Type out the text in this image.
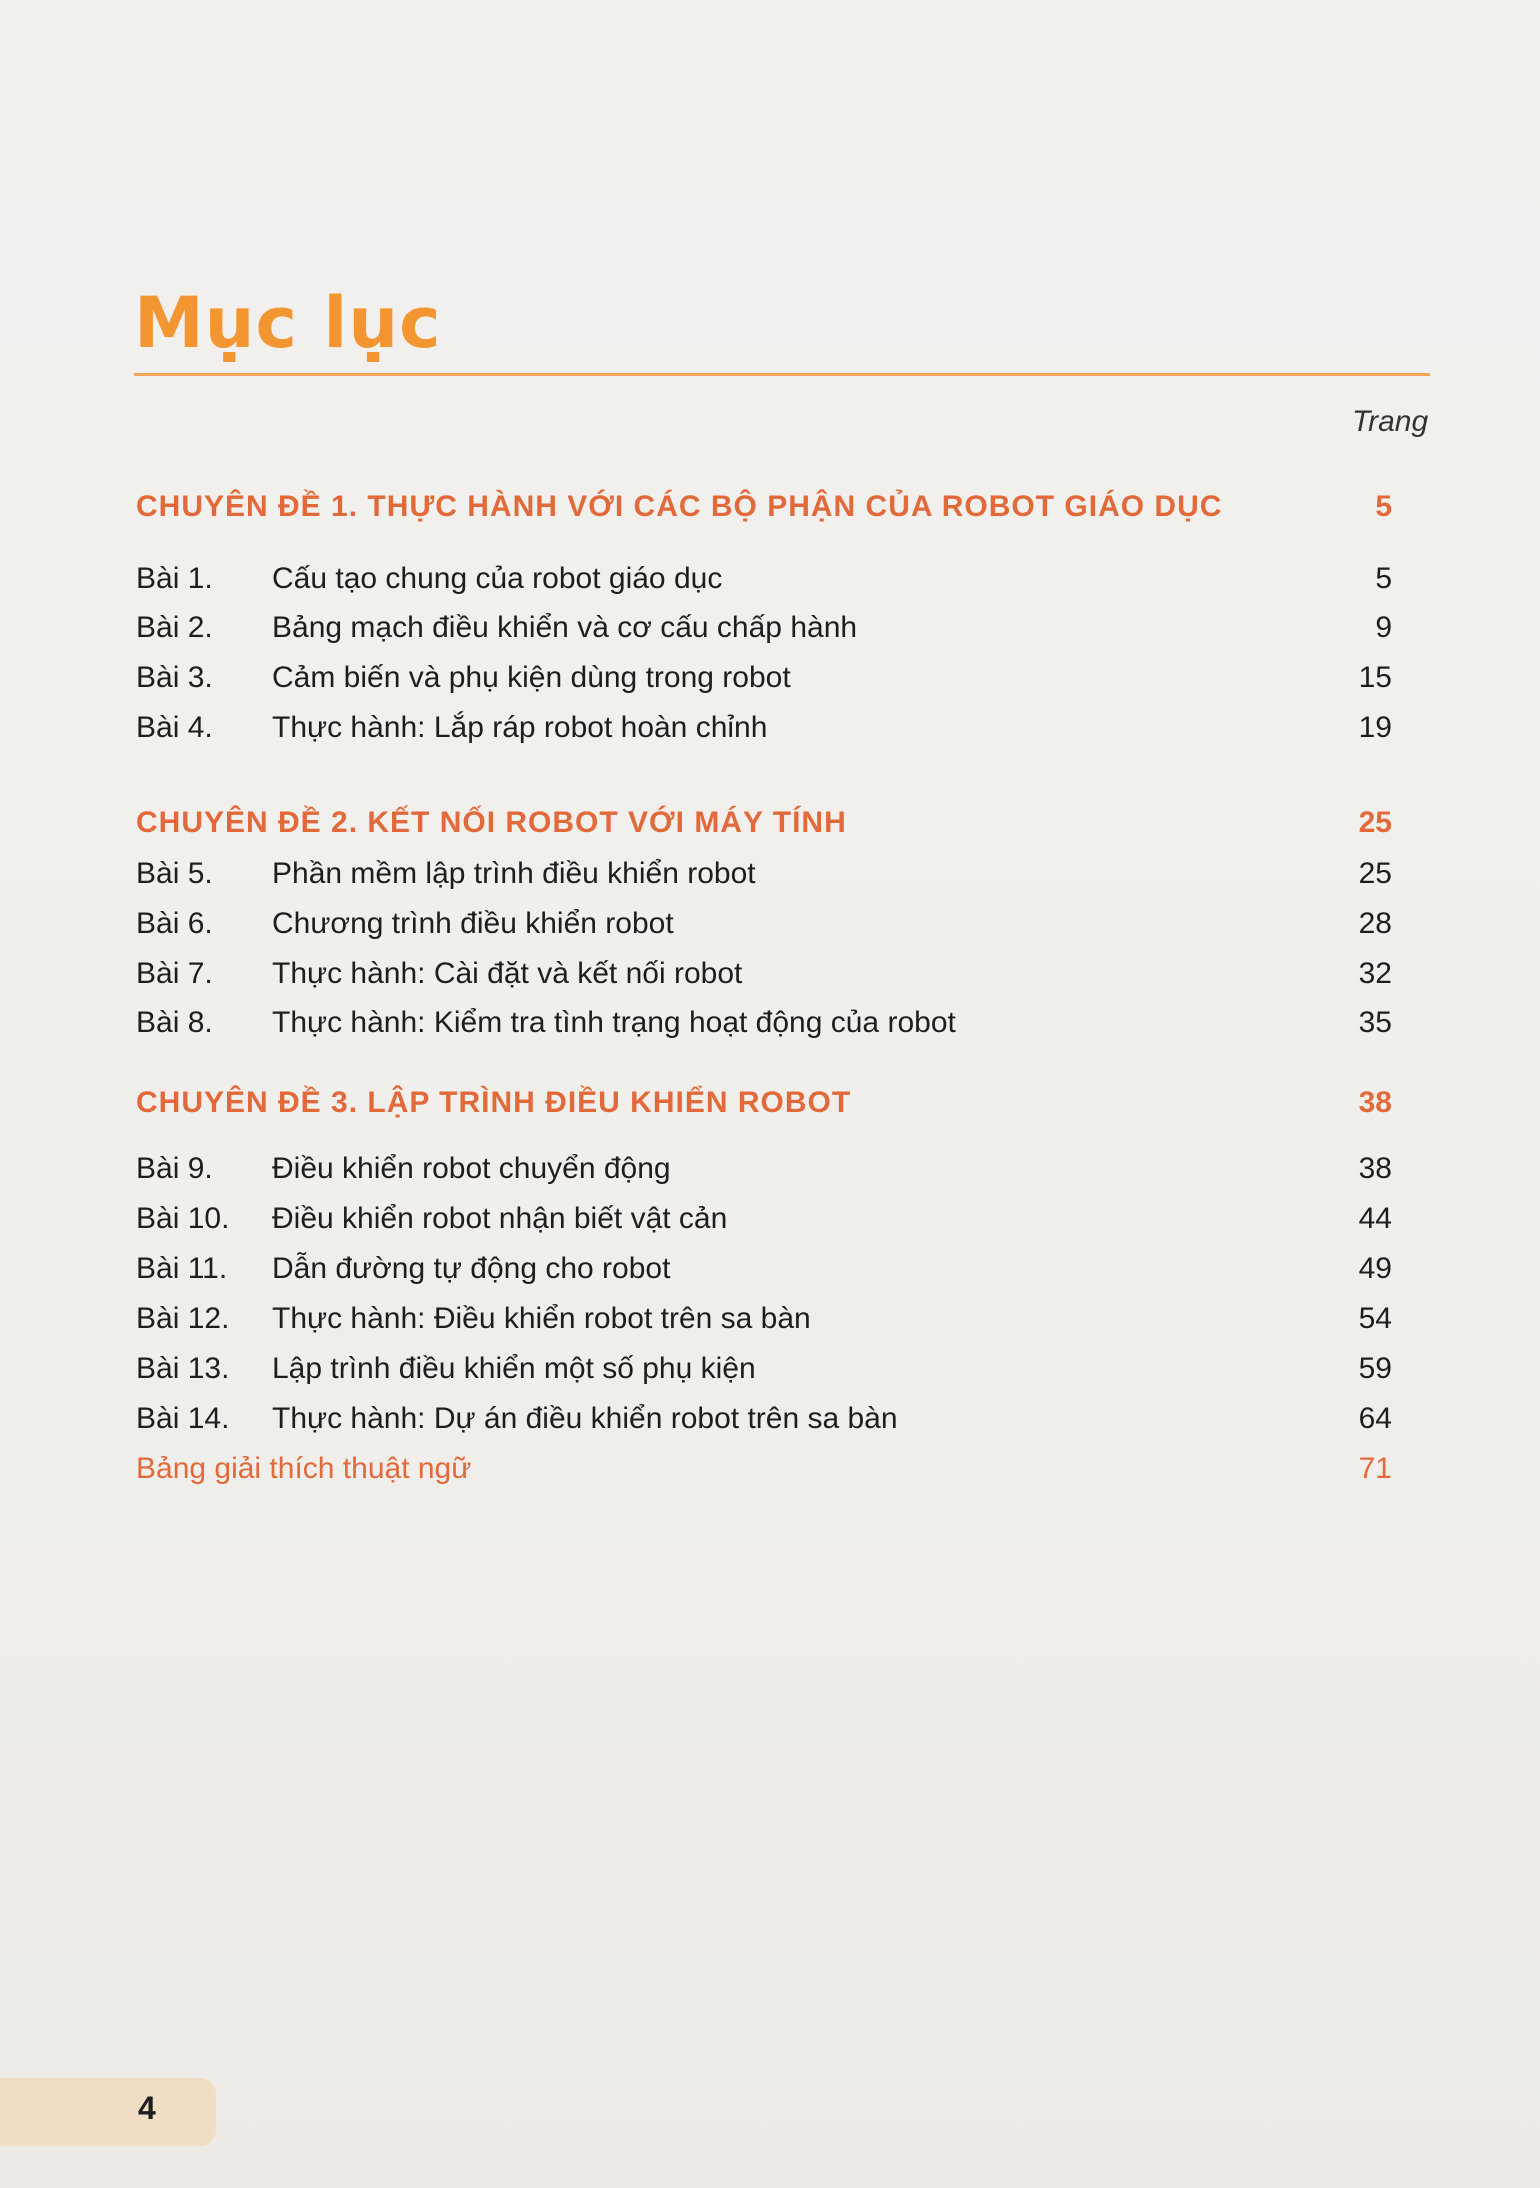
Mục lục
Trang
CHUYÊN ĐỀ 1. THỰC HÀNH VỚI CÁC BỘ PHẬN CỦA ROBOT GIÁO DỤC	5
Bài 1. Cấu tạo chung của robot giáo dục	5
Bài 2. Bảng mạch điều khiển và cơ cấu chấp hành	9
Bài 3. Cảm biến và phụ kiện dùng trong robot	15
Bài 4. Thực hành: Lắp ráp robot hoàn chỉnh	19
CHUYÊN ĐỀ 2. KẾT NỐI ROBOT VỚI MÁY TÍNH	25
Bài 5. Phần mềm lập trình điều khiển robot	25
Bài 6. Chương trình điều khiển robot	28
Bài 7. Thực hành: Cài đặt và kết nối robot	32
Bài 8. Thực hành: Kiểm tra tình trạng hoạt động của robot	35
CHUYÊN ĐỀ 3. LẬP TRÌNH ĐIỀU KHIỂN ROBOT	38
Bài 9. Điều khiển robot chuyển động	38
Bài 10. Điều khiển robot nhận biết vật cản	44
Bài 11. Dẫn đường tự động cho robot	49
Bài 12. Thực hành: Điều khiển robot trên sa bàn	54
Bài 13. Lập trình điều khiển một số phụ kiện	59
Bài 14. Thực hành: Dự án điều khiển robot trên sa bàn	64
Bảng giải thích thuật ngữ	71
4
